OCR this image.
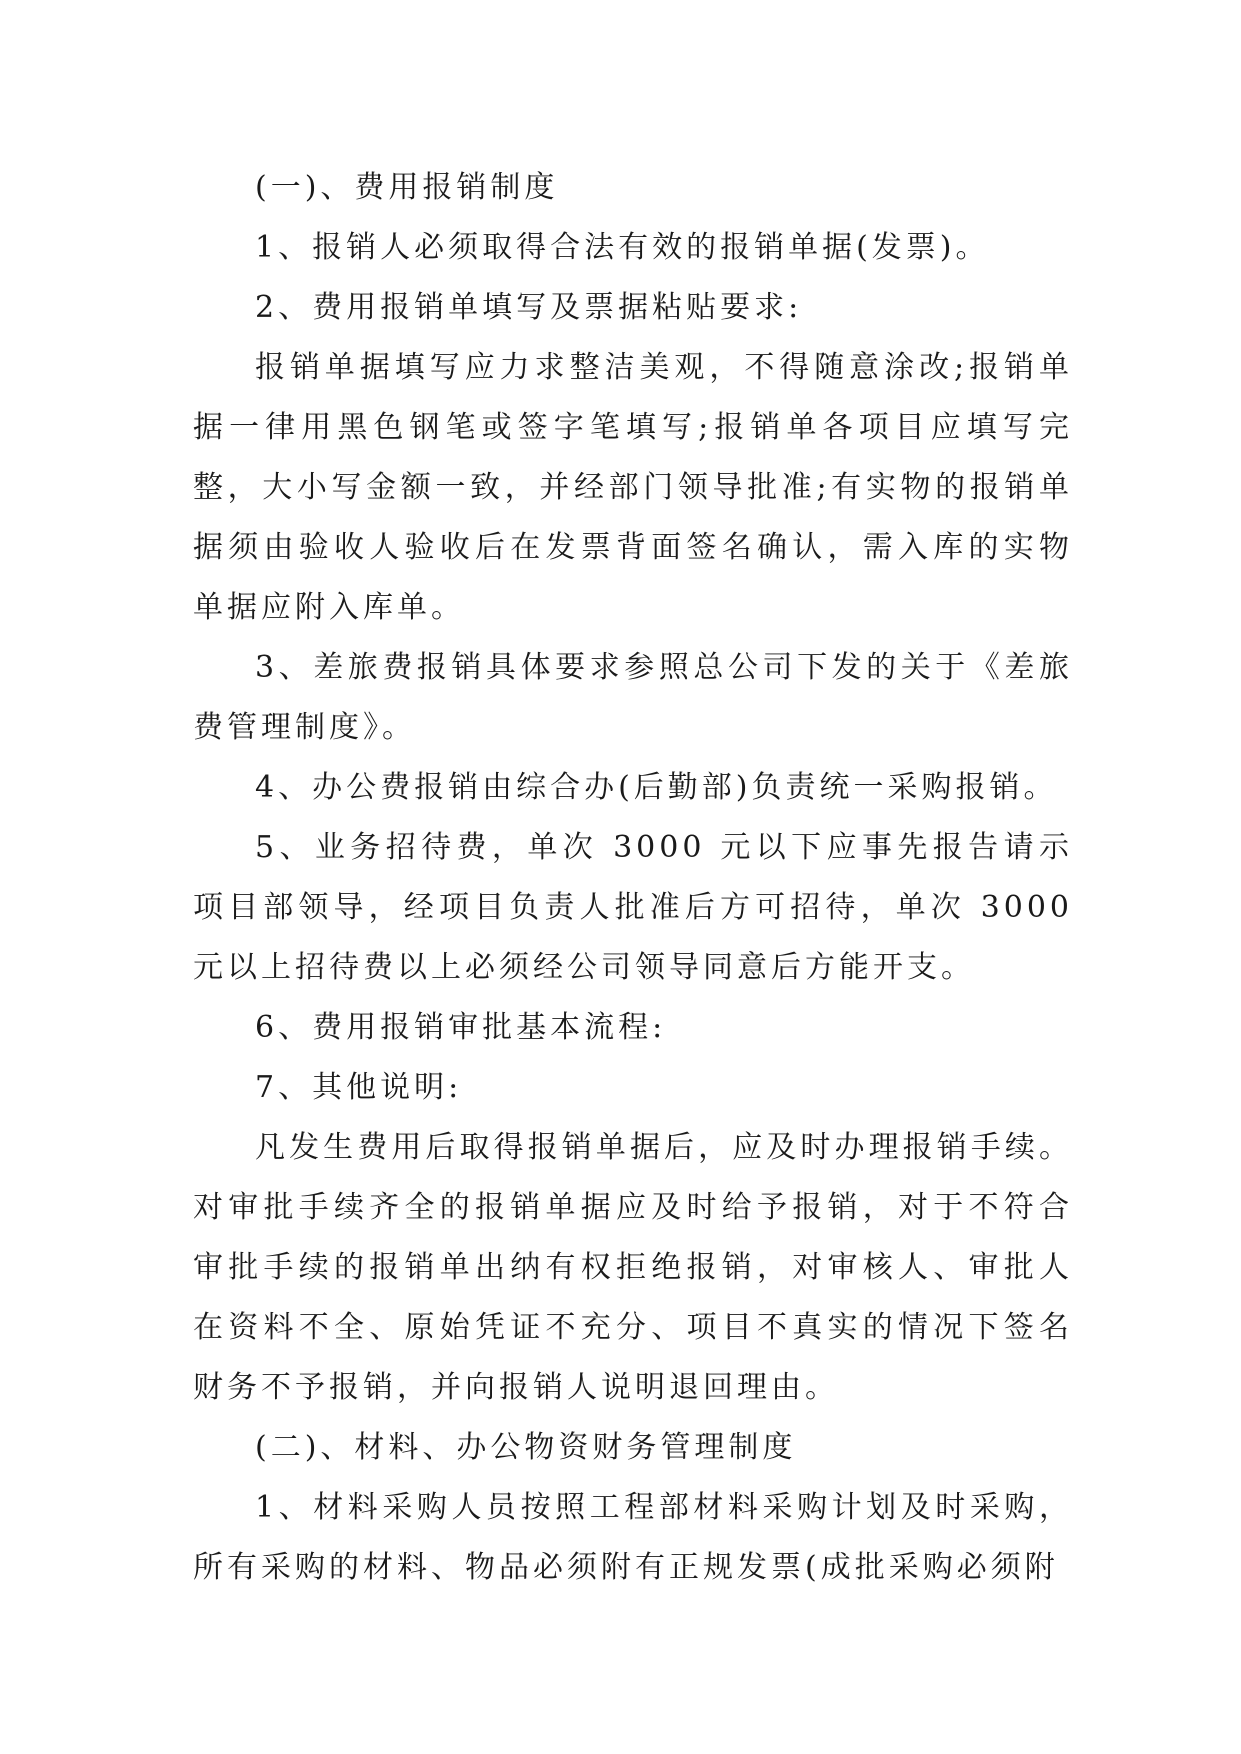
(一)、费用报销制度

1、报销人必须取得合法有效的报销单据(发票)。

2、费用报销单填写及票据粘贴要求:

报销单据填写应力求整洁美观，不得随意涂改;报销单据一律用黑色钢笔或签字笔填写;报销单各项目应填写完整，大小写金额一致，并经部门领导批准;有实物的报销单据须由验收人验收后在发票背面签名确认，需入库的实物单据应附入库单。

3、差旅费报销具体要求参照总公司下发的关于《差旅费管理制度》。

4、办公费报销由综合办(后勤部)负责统一采购报销。

5、业务招待费，单次 3000 元以下应事先报告请示项目部领导，经项目负责人批准后方可招待，单次 3000 元以上招待费以上必须经公司领导同意后方能开支。

6、费用报销审批基本流程:

7、其他说明:

凡发生费用后取得报销单据后，应及时办理报销手续。对审批手续齐全的报销单据应及时给予报销，对于不符合审批手续的报销单出纳有权拒绝报销，对审核人、审批人在资料不全、原始凭证不充分、项目不真实的情况下签名财务不予报销，并向报销人说明退回理由。

(二)、材料、办公物资财务管理制度

1、材料采购人员按照工程部材料采购计划及时采购，所有采购的材料、物品必须附有正规发票(成批采购必须附
